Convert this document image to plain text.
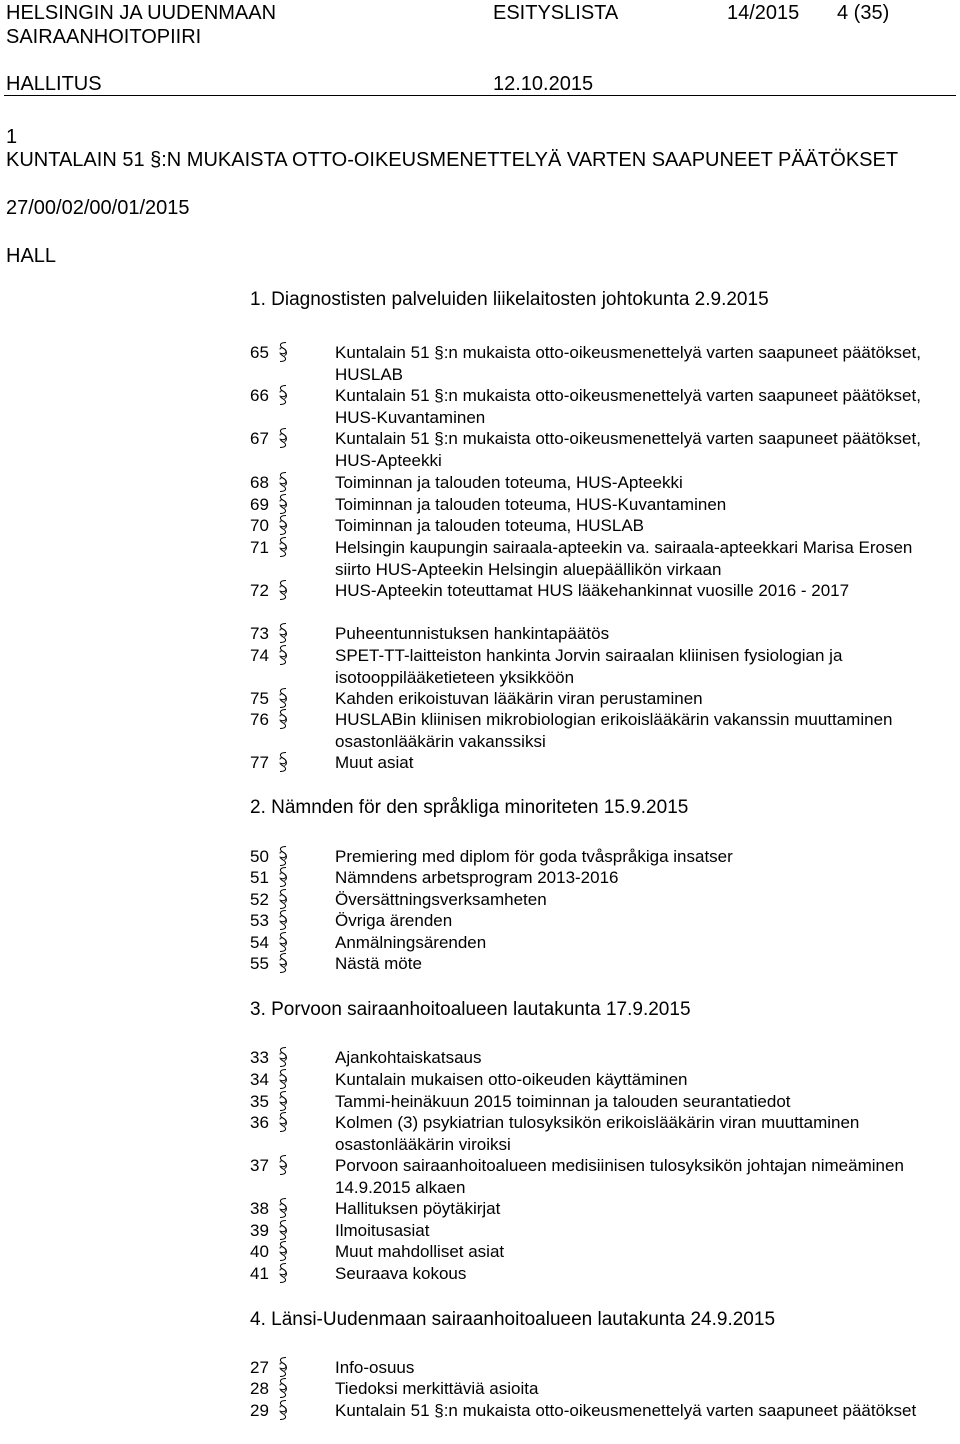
HELSINGIN JA UUDENMAAN
SAIRAANHOITOPIIRI
ESITYSLISTA	14/2015 4 (35)
HALLITUS	12.10.2015
1
KUNTALAIN 51 §:N MUKAISTA OTTO-OIKEUSMENETTELYÄ VARTEN SAAPUNEET PÄÄTÖKSET
27/00/02/00/01/2015
HALL
1. Diagnostisten palveluiden liikelaitosten johtokunta 2.9.2015
65	Kuntalain 51 §:n mukaista otto-oikeusmenettelyä varten saapuneet päätökset, HUSLAB
66	Kuntalain 51 §:n mukaista otto-oikeusmenettelyä varten saapuneet päätökset, HUS-Kuvantaminen
67	Kuntalain 51 §:n mukaista otto-oikeusmenettelyä varten saapuneet päätökset, HUS-Apteekki
68	Toiminnan ja talouden toteuma, HUS-Apteekki
69	Toiminnan ja talouden toteuma, HUS-Kuvantaminen
70	Toiminnan ja talouden toteuma, HUSLAB
71	Helsingin kaupungin sairaala-apteekin va. sairaala-apteekkari Marisa Erosen siirto HUS-Apteekin Helsingin aluepäällikön virkaan
72	HUS-Apteekin toteuttamat HUS lääkehankinnat vuosille 2016 - 2017
73	Puheentunnistuksen hankintapäätös
74	SPET-TT-laitteiston hankinta Jorvin sairaalan kliinisen fysiologian ja isotooppilääketieteen yksikköön
75	Kahden erikoistuvan lääkärin viran perustaminen
76	HUSLABin kliinisen mikrobiologian erikoislääkärin vakanssin muuttaminen osastonlääkärin vakanssiksi
77	Muut asiat
2. Nämnden för den språkliga minoriteten 15.9.2015
50	Premiering med diplom för goda tvåspråkiga insatser
51	Nämndens arbetsprogram 2013-2016
52	Översättningsverksamheten
53	Övriga ärenden
54	Anmälningsärenden
55	Nästä möte
3. Porvoon sairaanhoitoalueen lautakunta 17.9.2015
33	Ajankohtaiskatsaus
34	Kuntalain mukaisen otto-oikeuden käyttäminen
35	Tammi-heinäkuun 2015 toiminnan ja talouden seurantatiedot
36	Kolmen (3) psykiatrian tulosyksikön erikoislääkärin viran muuttaminen osastonlääkärin viroiksi
37	Porvoon sairaanhoitoalueen medisiinisen tulosyksikön johtajan nimeäminen 14.9.2015 alkaen
38	Hallituksen pöytäkirjat
39	Ilmoitusasiat
40	Muut mahdolliset asiat
41	Seuraava kokous
4. Länsi-Uudenmaan sairaanhoitoalueen lautakunta 24.9.2015
27	Info-osuus
28	Tiedoksi merkittäviä asioita
29	Kuntalain 51 §:n mukaista otto-oikeusmenettelyä varten saapuneet päätökset
